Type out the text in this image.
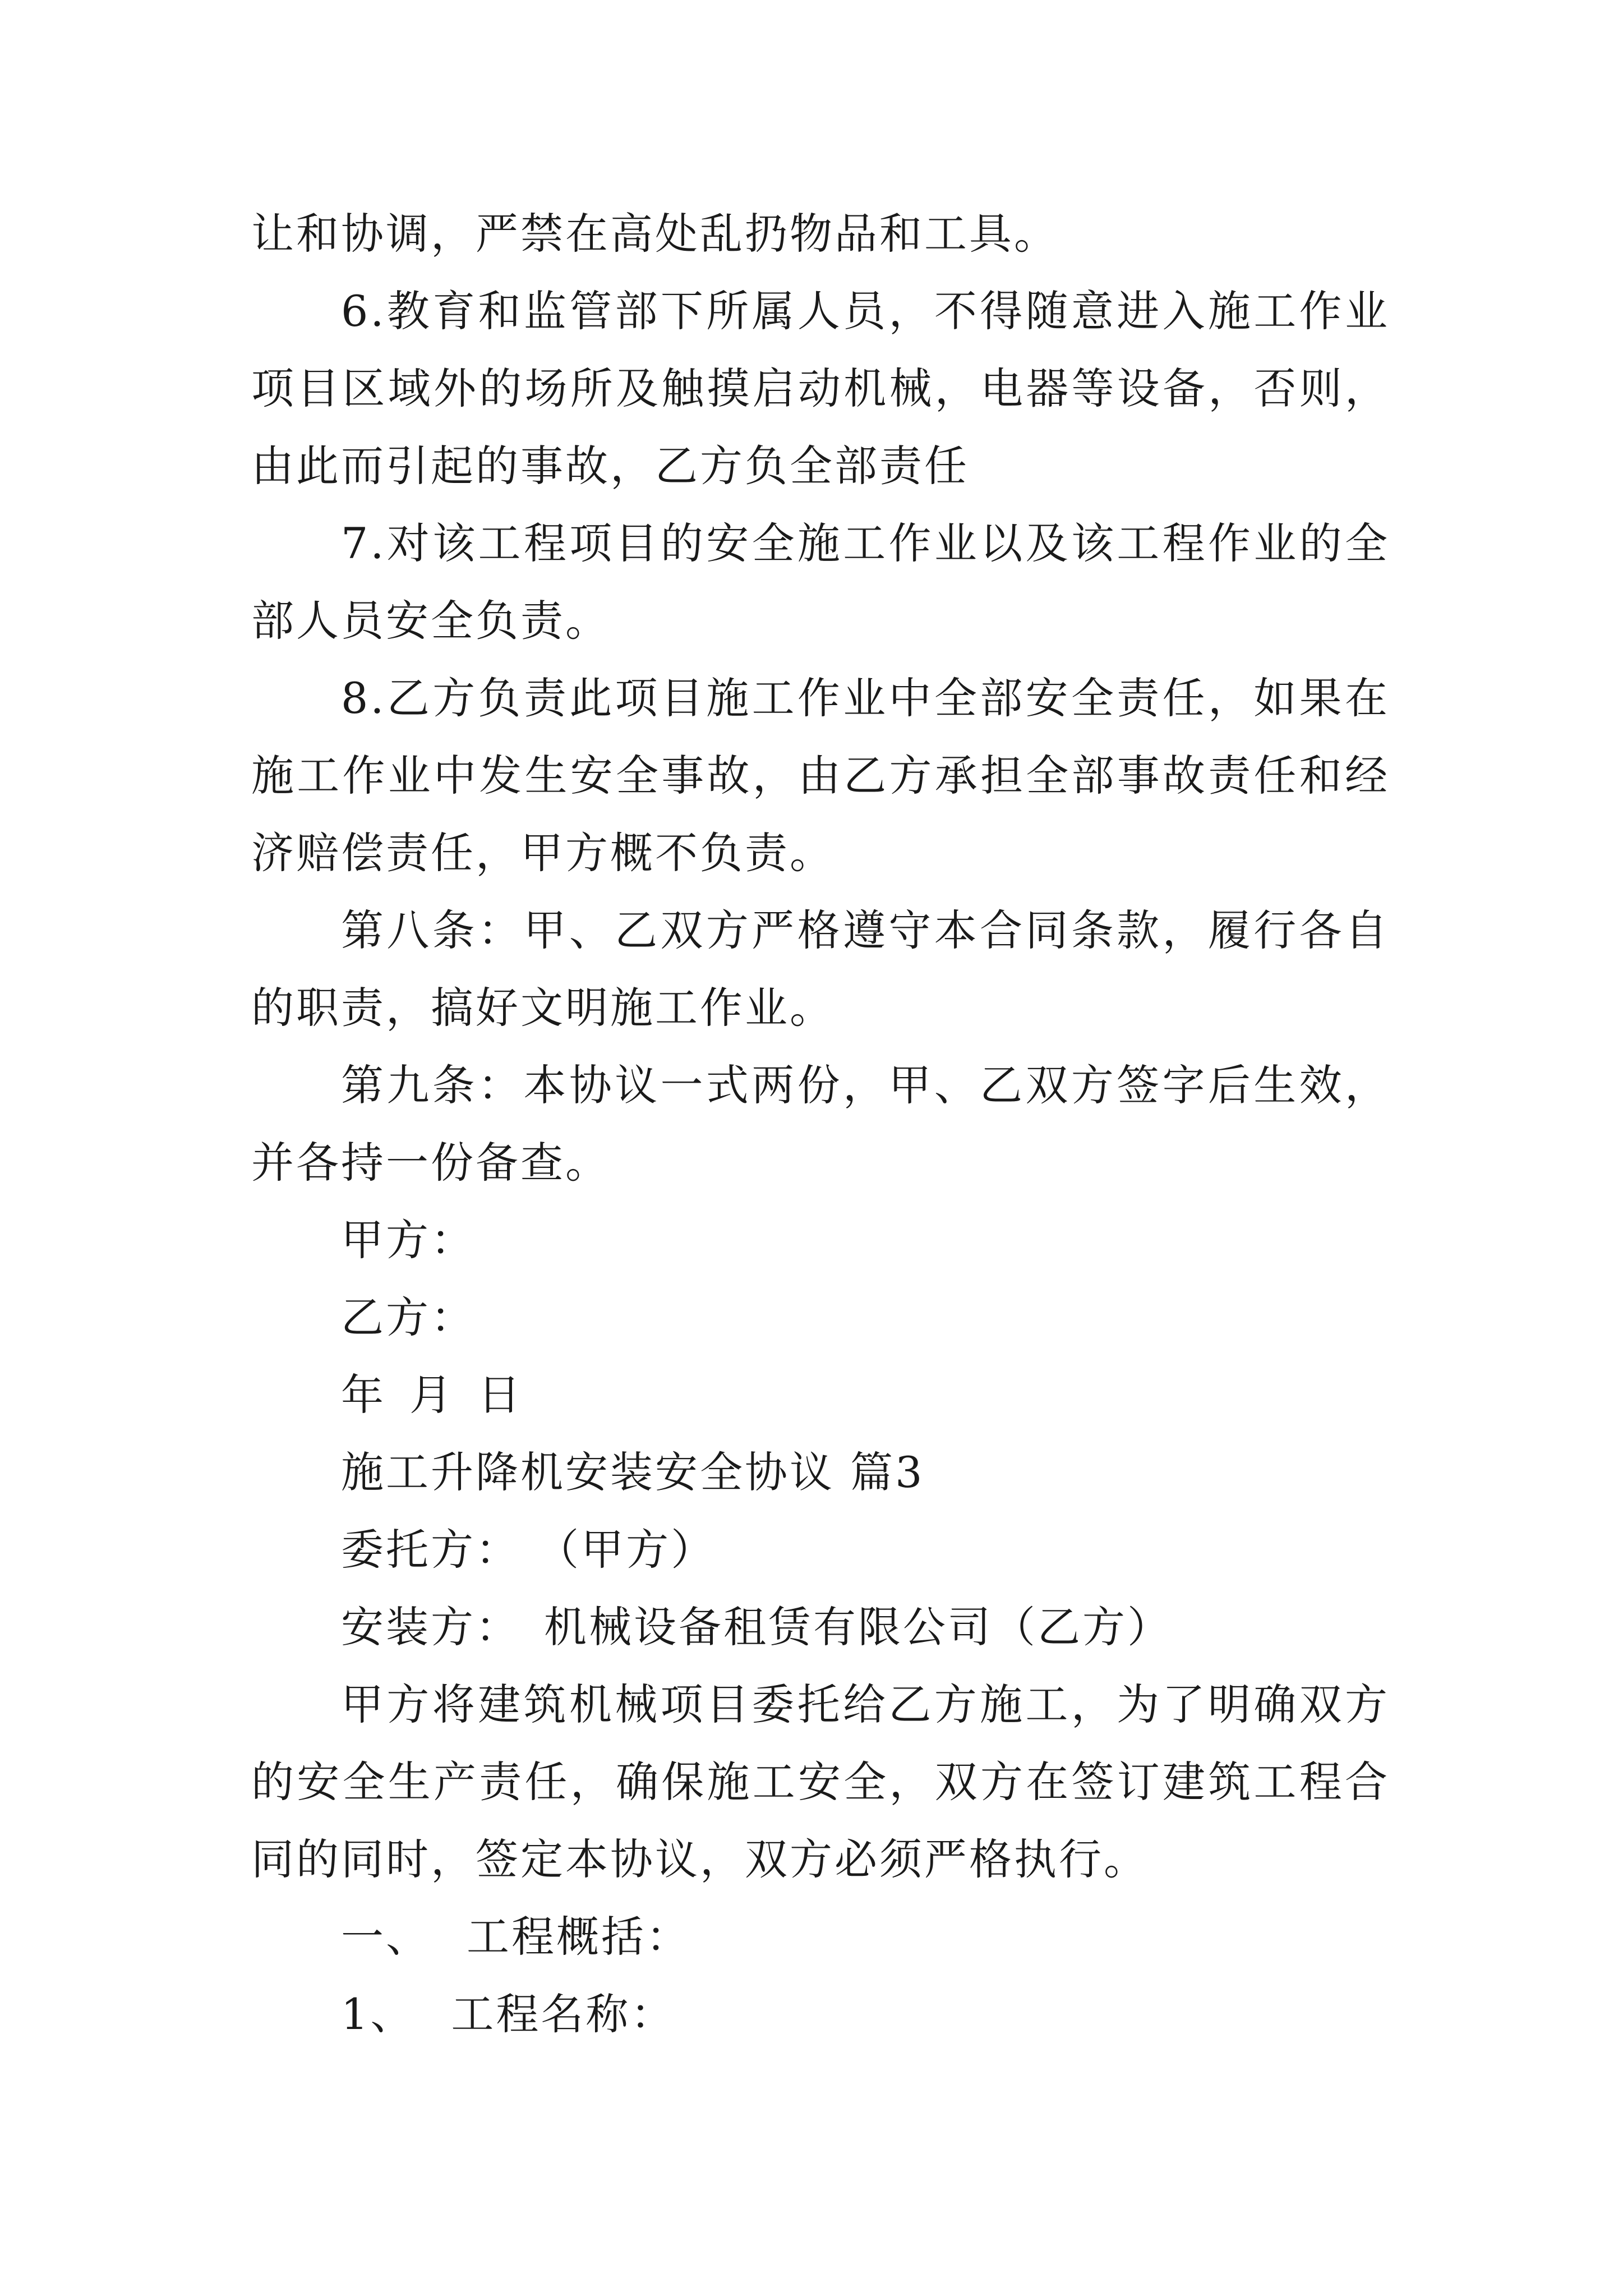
让和协调，严禁在高处乱扔物品和工具。

6.教育和监管部下所属人员，不得随意进入施工作业项目区域外的场所及触摸启动机械，电器等设备，否则，由此而引起的事故，乙方负全部责任

7.对该工程项目的安全施工作业以及该工程作业的全部人员安全负责。

8.乙方负责此项目施工作业中全部安全责任，如果在施工作业中发生安全事故，由乙方承担全部事故责任和经济赔偿责任，甲方概不负责。

第八条：甲、乙双方严格遵守本合同条款，履行各自的职责，搞好文明施工作业。

第九条：本协议一式两份，甲、乙双方签字后生效，并各持一份备查。

甲方：

乙方：

年 月 日

施工升降机安装安全协议 篇3

委托方： （甲方）

安装方： 机械设备租赁有限公司（乙方）

甲方将建筑机械项目委托给乙方施工，为了明确双方的安全生产责任，确保施工安全，双方在签订建筑工程合同的同时，签定本协议，双方必须严格执行。

一、 工程概括：

1、 工程名称：
